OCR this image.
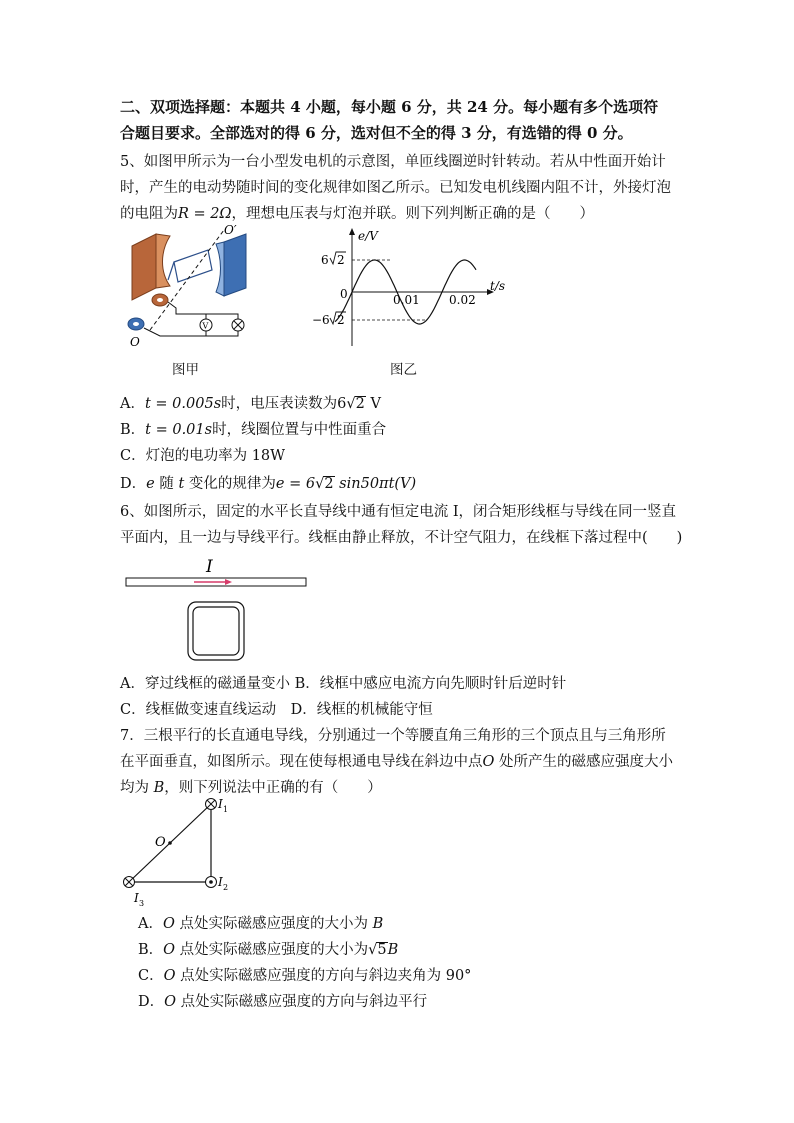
二、双项选择题：本题共 4 小题，每小题 6 分，共 24 分。每小题有多个选项符
合题目要求。全部选对的得 6 分，选对但不全的得 3 分，有选错的得 0 分。
5、如图甲所示为一台小型发电机的示意图，单匝线圈逆时针转动。若从中性面开始计
时，产生的电动势随时间的变化规律如图乙所示。已知发电机线圈内阻不计，外接灯泡
的电阻为R = 2Ω，理想电压表与灯泡并联。则下列判断正确的是（　　）
V
O′
O
图甲
e/V
t/s
0
6 2
−6 2
0.01 0.02
图乙
A．t = 0.005s时，电压表读数为6√2 V
B．t = 0.01s时，线圈位置与中性面重合
C．灯泡的电功率为 18W
D．e 随 t 变化的规律为e = 6√2 sin50πt(V)
6、如图所示，固定的水平长直导线中通有恒定电流 I，闭合矩形线框与导线在同一竖直
平面内，且一边与导线平行。线框由静止释放，不计空气阻力，在线框下落过程中(　　)
I
A．穿过线框的磁通量变小 B．线框中感应电流方向先顺时针后逆时针
C．线框做变速直线运动　D．线框的机械能守恒
7．三根平行的长直通电导线，分别通过一个等腰直角三角形的三个顶点且与三角形所
在平面垂直，如图所示。现在使每根通电导线在斜边中点O 处所产生的磁感应强度大小
均为 B，则下列说法中正确的有（　　）
O
I 1
I 2
I 3
A．O 点处实际磁感应强度的大小为 B
B．O 点处实际磁感应强度的大小为√5B
C．O 点处实际磁感应强度的方向与斜边夹角为 90°
D．O 点处实际磁感应强度的方向与斜边平行
